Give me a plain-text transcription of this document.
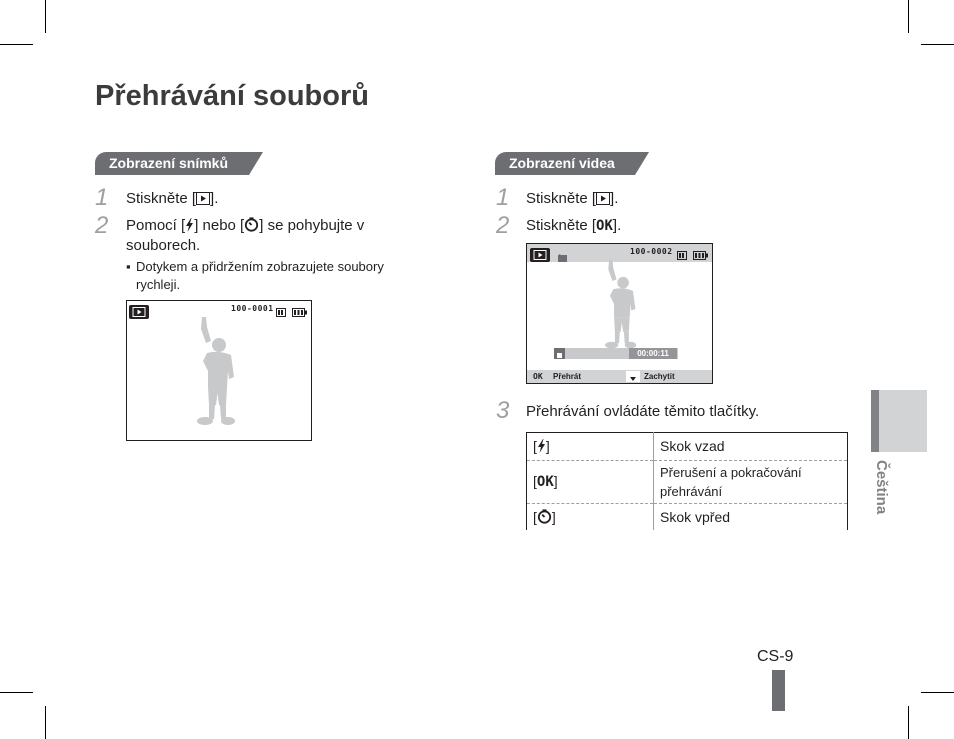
Přehrávání souborů
Zobrazení snímků
1 Stiskněte [ ].
2 Pomocí [ ] nebo [ ] se pohybujte v souborech.
▪ Dotykem a přidržením zobrazujete soubory rychleji.
100-0001
Zobrazení videa
1 Stiskněte [ ].
2 Stiskněte [OK].
100-0002
00:00:11
OK Přehrát	Zachytit
3 Přehrávání ovládáte těmito tlačítky.
[ ]	Skok vzad
[OK]	Přerušení a pokračování přehrávání
[ ]	Skok vpřed
Čeština
CS-9
